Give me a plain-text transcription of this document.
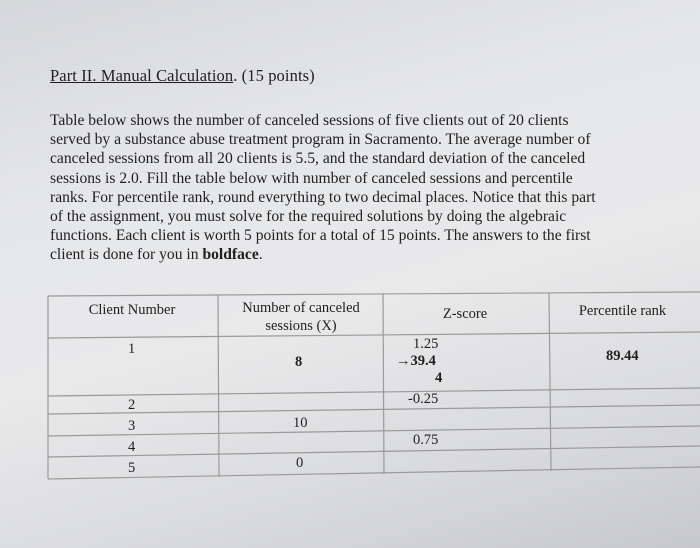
Part II. Manual Calculation. (15 points)
Table below shows the number of canceled sessions of five clients out of 20 clients
served by a substance abuse treatment program in Sacramento. The average number of
canceled sessions from all 20 clients is 5.5, and the standard deviation of the canceled
sessions is 2.0. Fill the table below with number of canceled sessions and percentile
ranks. For percentile rank, round everything to two decimal places. Notice that this part
of the assignment, you must solve for the required solutions by doing the algebraic
functions. Each client is worth 5 points for a total of 15 points. The answers to the first
client is done for you in boldface.
Client Number	Number of canceled
sessions (X)
Z-score	Percentile rank
1
8
1.25
→39.4
4
89.44
2
3
4
5
10
0
-0.25
0.75
